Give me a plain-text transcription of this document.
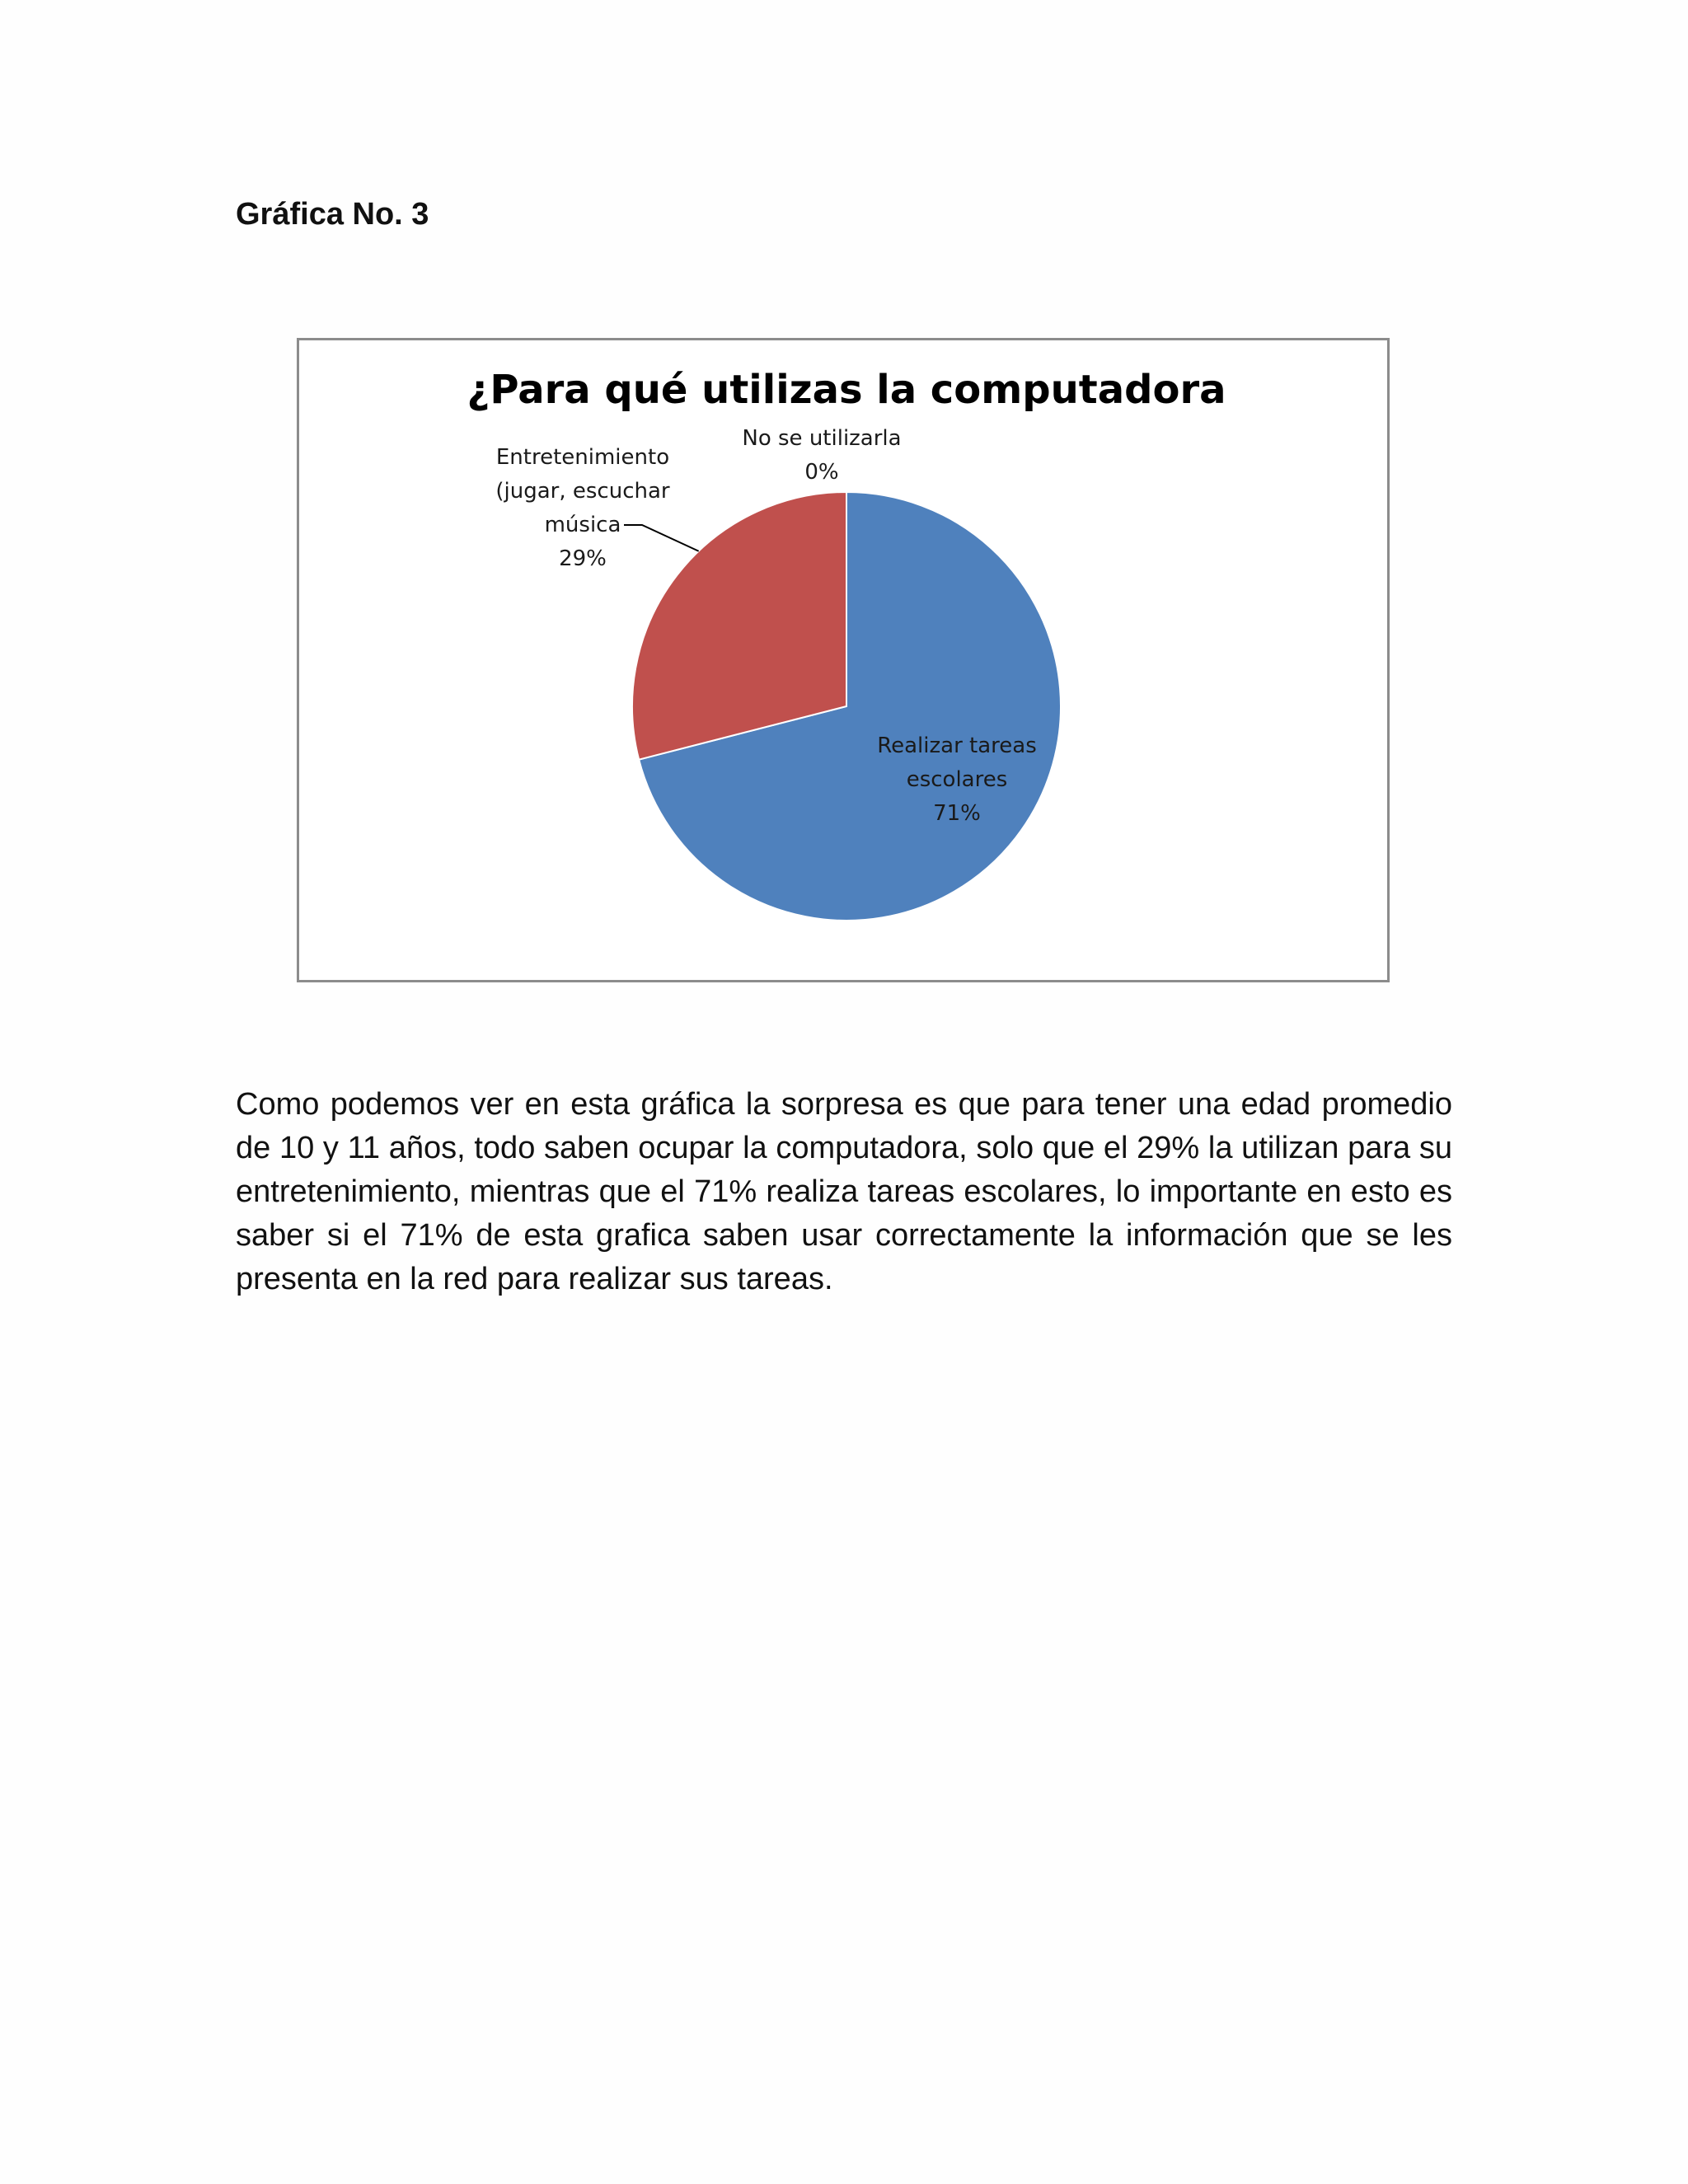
Gráfica No. 3
¿Para qué utilizas la computadora
Realizar tareas escolares 71%
Entretenimiento (jugar, escuchar música 29%
No se utilizarla 0%
Como podemos ver en esta gráfica la sorpresa es que para tener una edad promedio de 10 y 11 años, todo saben ocupar la computadora, solo que el 29% la utilizan para su entretenimiento, mientras que el 71% realiza tareas escolares, lo importante en esto es saber si el 71% de esta grafica saben usar correctamente la información que se les presenta en la red para realizar sus tareas.
